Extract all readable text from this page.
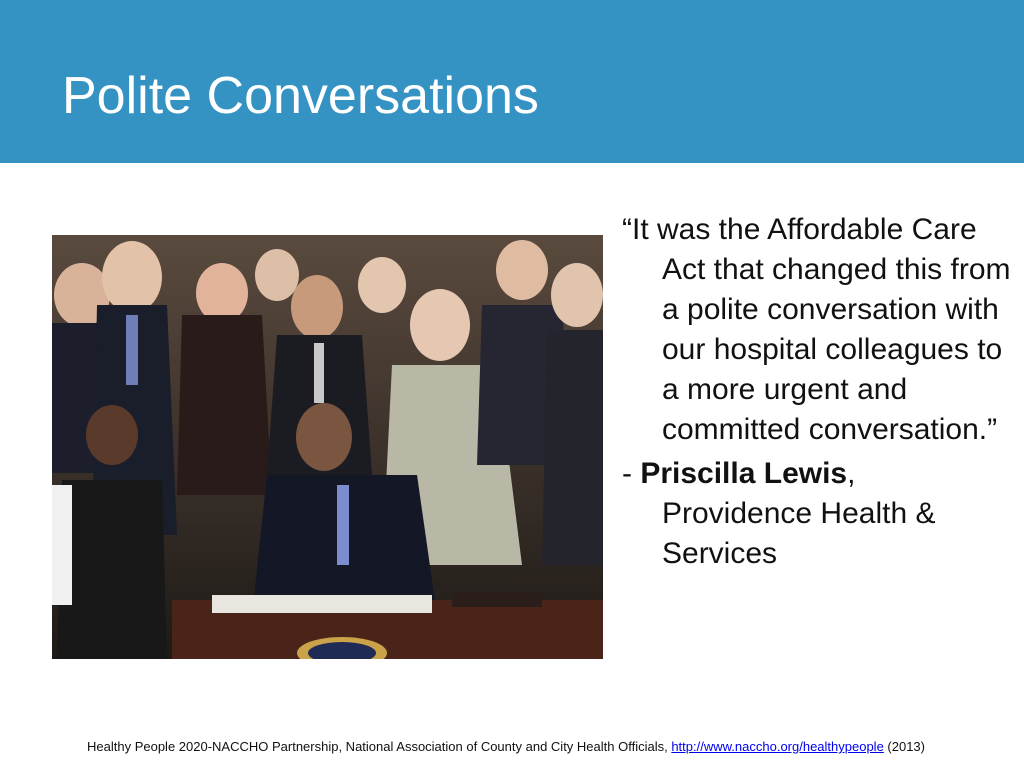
Polite Conversations

“It was the Affordable Care Act that changed this from a polite conversation with our hospital colleagues to a more urgent and committed conversation.”

- Priscilla Lewis, Providence Health & Services

Healthy People 2020-NACCHO Partnership, National Association of County and City Health Officials, http://www.naccho.org/healthypeople (2013)
